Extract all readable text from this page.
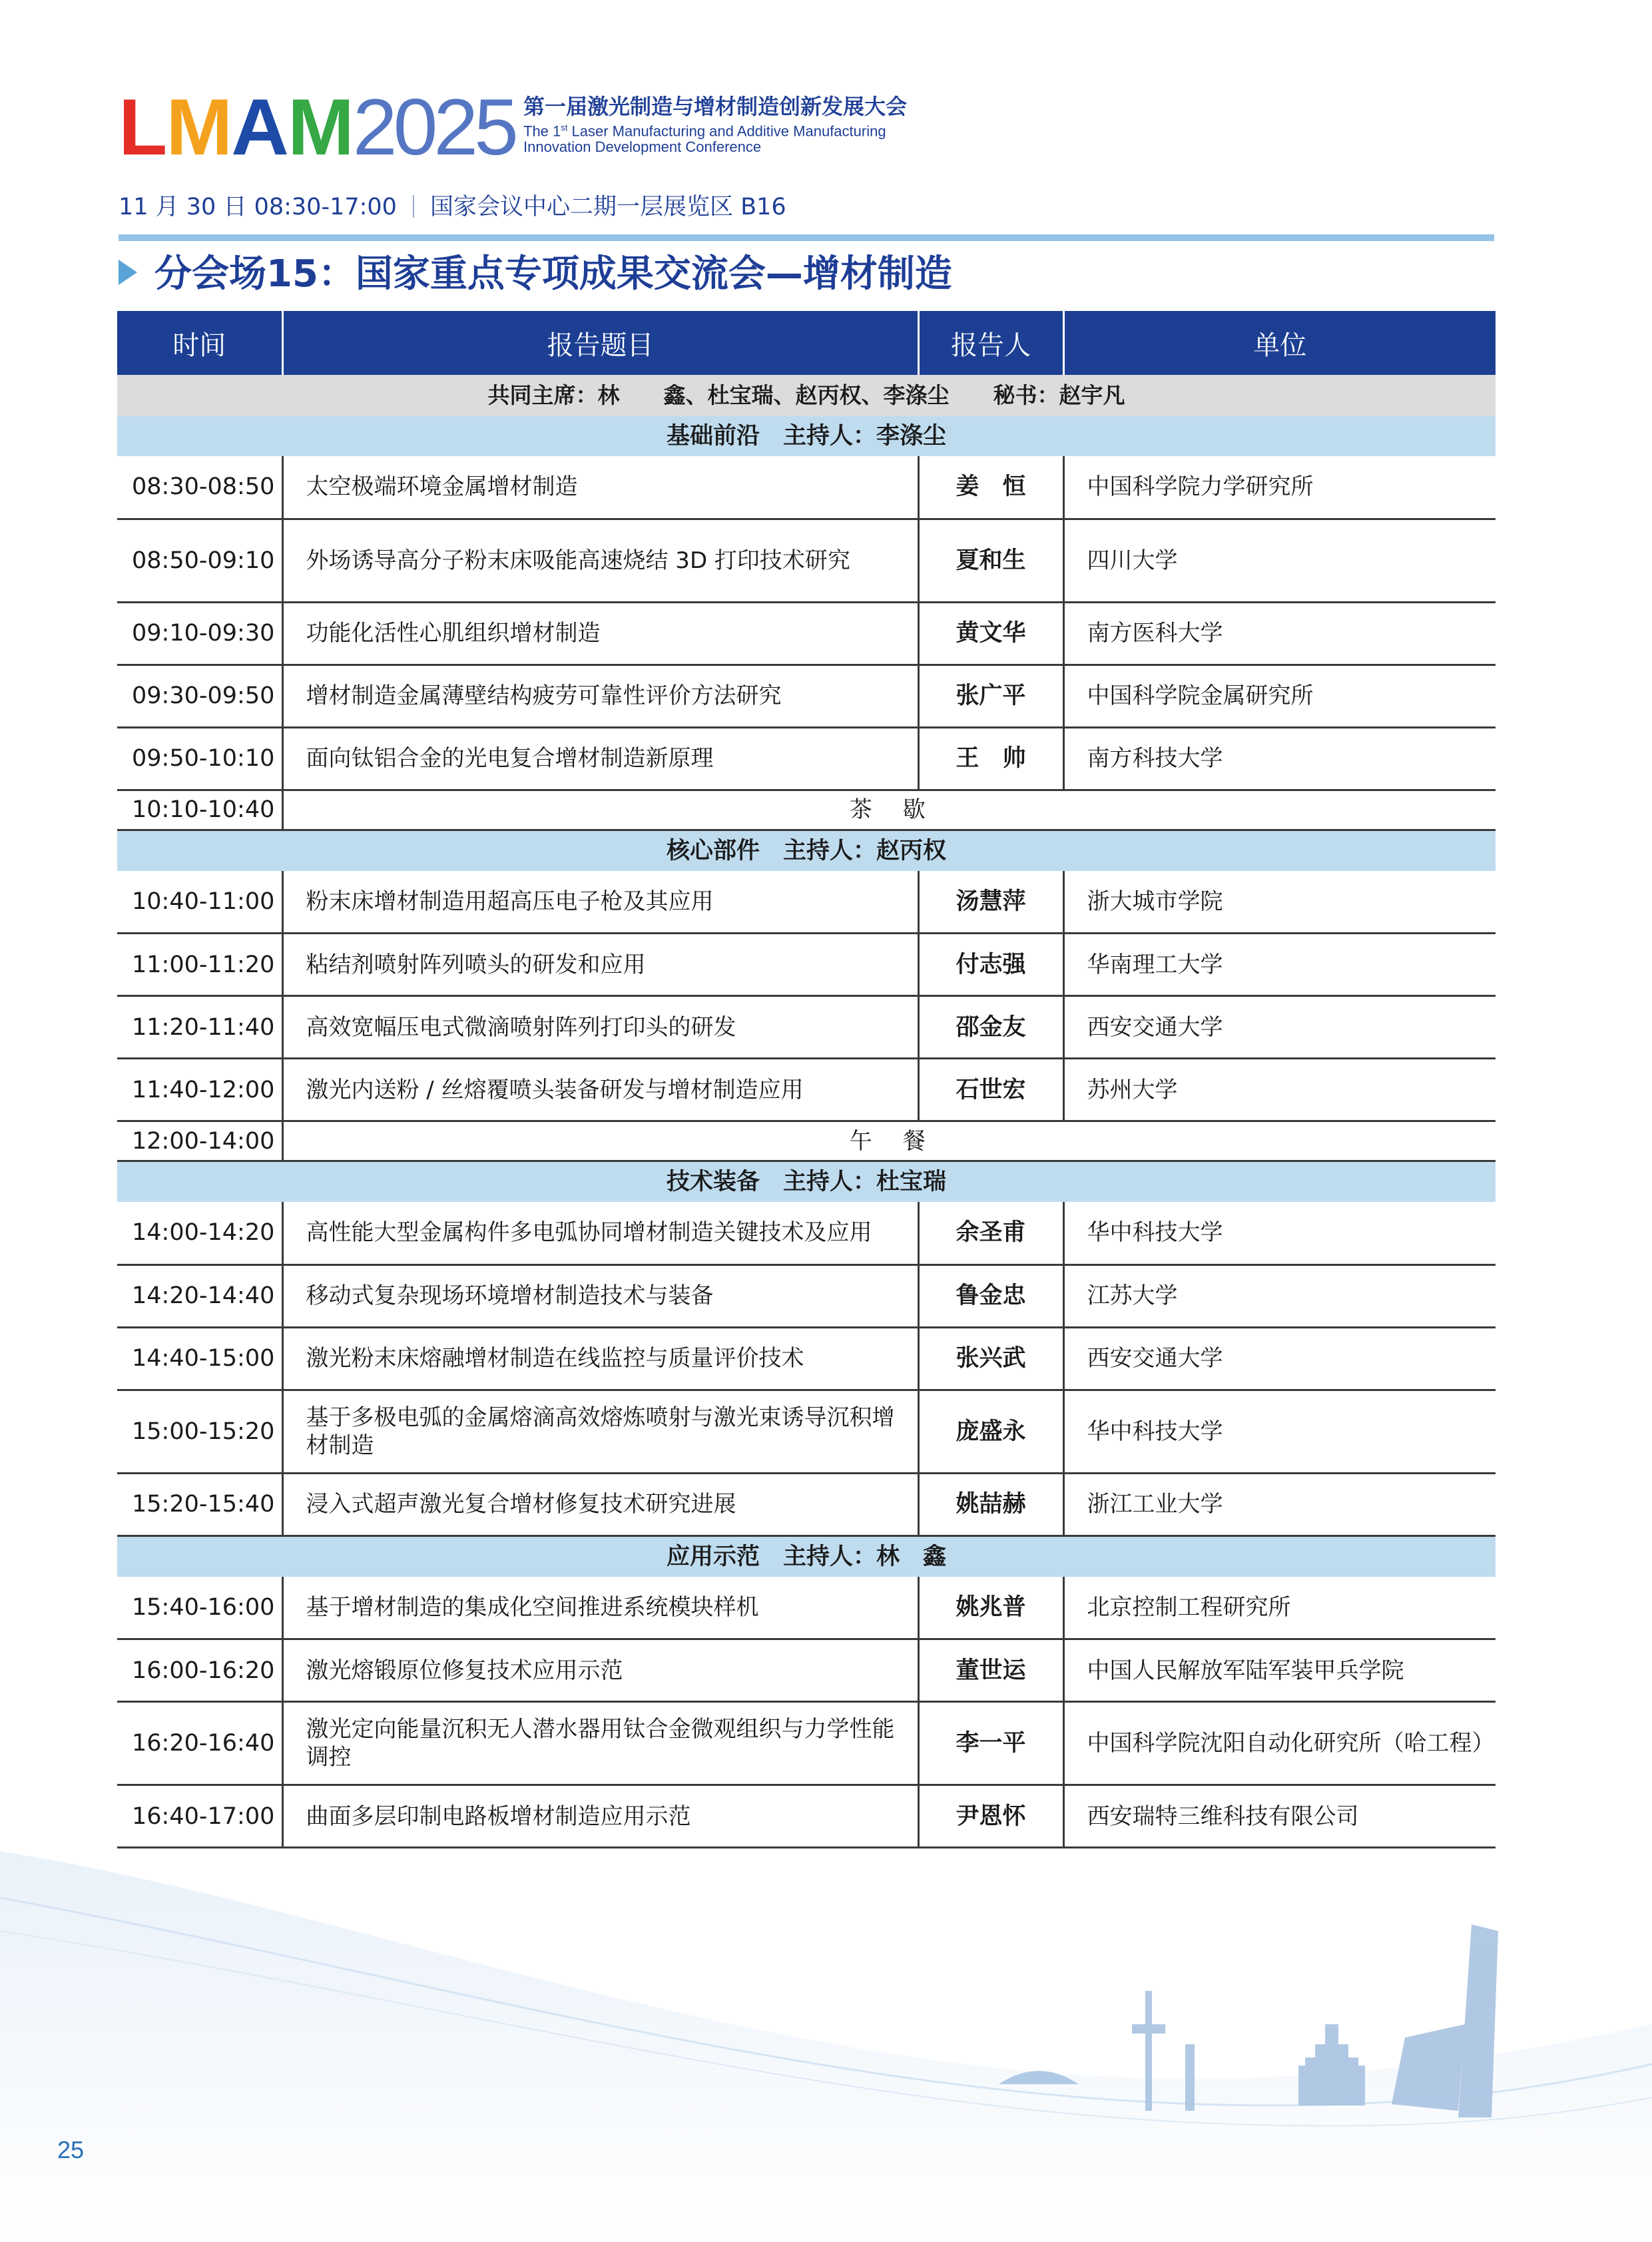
LMAM2025 第一届激光制造与增材制造创新发展大会
The 1st Laser Manufacturing and Additive Manufacturing
Innovation Development Conference
11 月 30 日 08:30-17:00 国家会议中心二期一层展览区 B16
分会场15：国家重点专项成果交流会—增材制造
时间	报告题目	报告人	单位
共同主席：林　　鑫、杜宝瑞、赵丙权、李涤尘　　秘书：赵宇凡			
基础前沿　主持人：李涤尘			
08:30-08:50	太空极端环境金属增材制造	姜　恒	中国科学院力学研究所
08:50-09:10	外场诱导高分子粉末床吸能高速烧结 3D 打印技术研究	夏和生	四川大学
09:10-09:30	功能化活性心肌组织增材制造	黄文华	南方医科大学
09:30-09:50	增材制造金属薄壁结构疲劳可靠性评价方法研究	张广平	中国科学院金属研究所
09:50-10:10	面向钛铝合金的光电复合增材制造新原理	王　帅	南方科技大学
10:10-10:40	茶　歇		
核心部件　主持人：赵丙权			
10:40-11:00	粉末床增材制造用超高压电子枪及其应用	汤慧萍	浙大城市学院
11:00-11:20	粘结剂喷射阵列喷头的研发和应用	付志强	华南理工大学
11:20-11:40	高效宽幅压电式微滴喷射阵列打印头的研发	邵金友	西安交通大学
11:40-12:00	激光内送粉 / 丝熔覆喷头装备研发与增材制造应用	石世宏	苏州大学
12:00-14:00	午　餐		
技术装备　主持人：杜宝瑞			
14:00-14:20	高性能大型金属构件多电弧协同增材制造关键技术及应用	余圣甫	华中科技大学
14:20-14:40	移动式复杂现场环境增材制造技术与装备	鲁金忠	江苏大学
14:40-15:00	激光粉末床熔融增材制造在线监控与质量评价技术	张兴武	西安交通大学
15:00-15:20	基于多极电弧的金属熔滴高效熔炼喷射与激光束诱导沉积增材制造	庞盛永	华中科技大学
15:20-15:40	浸入式超声激光复合增材修复技术研究进展	姚喆赫	浙江工业大学
应用示范　主持人：林　鑫			
15:40-16:00	基于增材制造的集成化空间推进系统模块样机	姚兆普	北京控制工程研究所
16:00-16:20	激光熔锻原位修复技术应用示范	董世运	中国人民解放军陆军装甲兵学院
16:20-16:40	激光定向能量沉积无人潜水器用钛合金微观组织与力学性能调控	李一平	中国科学院沈阳自动化研究所（哈工程）
16:40-17:00	曲面多层印制电路板增材制造应用示范	尹恩怀	西安瑞特三维科技有限公司
25
